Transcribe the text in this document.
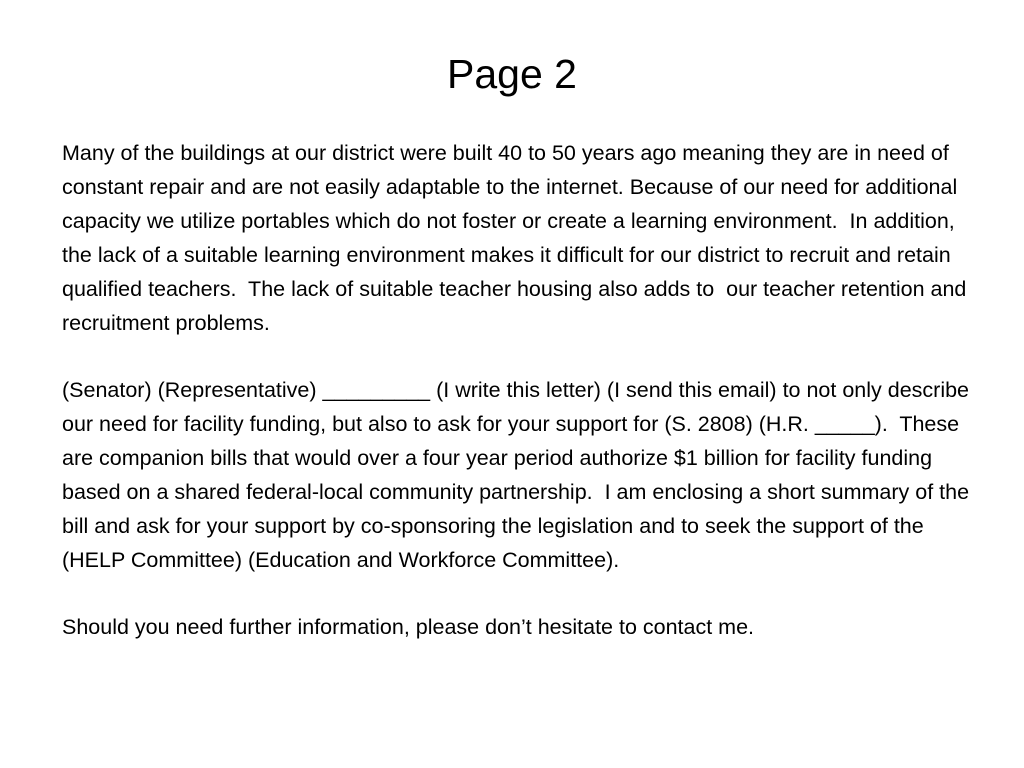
Page 2

Many of the buildings at our district were built 40 to 50 years ago meaning they are in need of constant repair and are not easily adaptable to the internet. Because of our need for additional capacity we utilize portables which do not foster or create a learning environment.  In addition, the lack of a suitable learning environment makes it difficult for our district to recruit and retain qualified teachers.  The lack of suitable teacher housing also adds to  our teacher retention and recruitment problems.

(Senator) (Representative) _________ (I write this letter) (I send this email) to not only describe our need for facility funding, but also to ask for your support for (S. 2808) (H.R. _____).  These are companion bills that would over a four year period authorize $1 billion for facility funding based on a shared federal-local community partnership.  I am enclosing a short summary of the bill and ask for your support by co-sponsoring the legislation and to seek the support of the (HELP Committee) (Education and Workforce Committee).

Should you need further information, please don’t hesitate to contact me.
